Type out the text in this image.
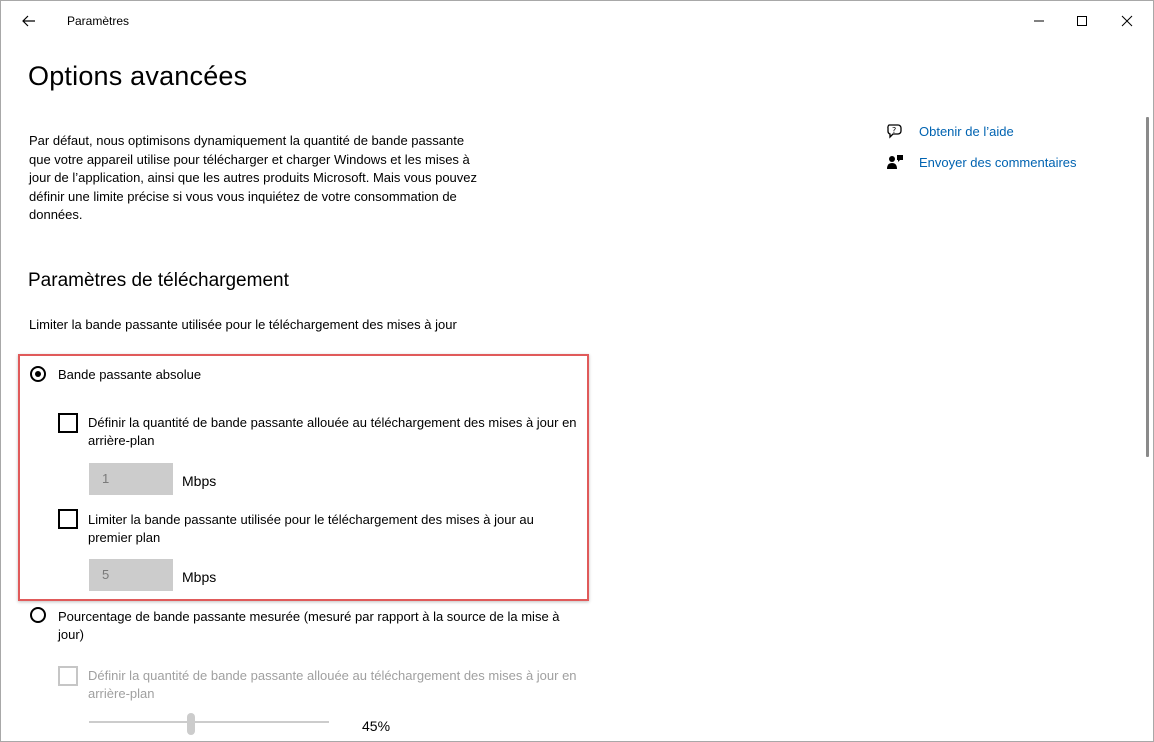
Paramètres
Options avancées
Par défaut, nous optimisons dynamiquement la quantité de bande passante que votre appareil utilise pour télécharger et charger Windows et les mises à jour de l’application, ainsi que les autres produits Microsoft. Mais vous pouvez définir une limite précise si vous vous inquiétez de votre consommation de données.
? Obtenir de l’aide
Envoyer des commentaires
Paramètres de téléchargement
Limiter la bande passante utilisée pour le téléchargement des mises à jour
Bande passante absolue
Définir la quantité de bande passante allouée au téléchargement des mises à jour en arrière-plan
1	Mbps
Limiter la bande passante utilisée pour le téléchargement des mises à jour au premier plan
5	Mbps
Pourcentage de bande passante mesurée (mesuré par rapport à la source de la mise à jour)
Définir la quantité de bande passante allouée au téléchargement des mises à jour en arrière-plan
45%
